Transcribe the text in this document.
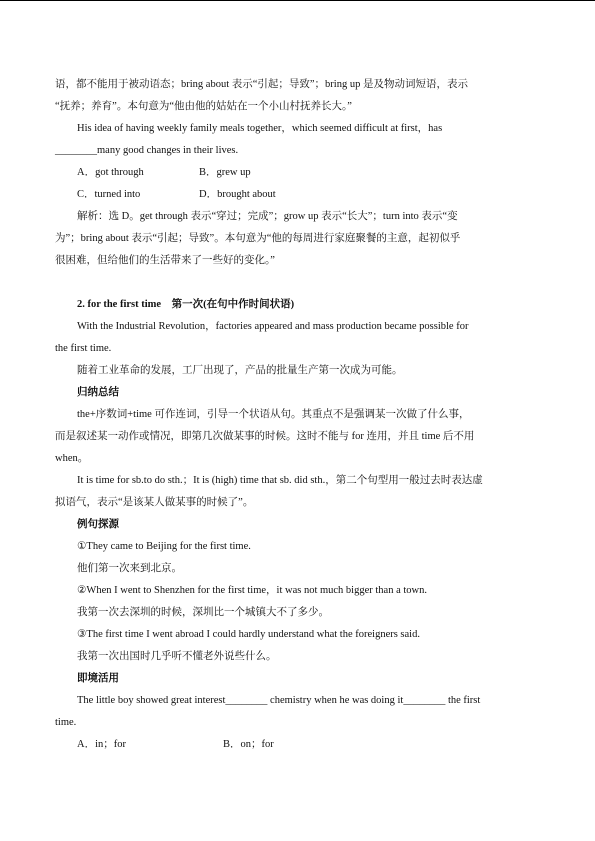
语，都不能用于被动语态；bring about 表示“引起；导致”；bring up 是及物动词短语，表示

“抚养；养育”。本句意为“他由他的姑姑在一个小山村抚养长大。”

His idea of having weekly family meals together，which seemed difficult at first，has

________many good changes in their lives.

A．got through	B．grew up
C．turned into	D．brought about

解析：选 D。get through 表示“穿过；完成”；grow up 表示“长大”；turn into 表示“变

为”；bring about 表示“引起；导致”。本句意为“他的每周进行家庭聚餐的主意，起初似乎

很困难，但给他们的生活带来了一些好的变化。”

2. for the first time　第一次(在句中作时间状语)

With the Industrial Revolution，factories appeared and mass production became possible for

the first time.

随着工业革命的发展，工厂出现了，产品的批量生产第一次成为可能。

归纳总结

the+序数词+time 可作连词，引导一个状语从句。其重点不是强调某一次做了什么事，

而是叙述某一动作或情况，即第几次做某事的时候。这时不能与 for 连用，并且 time 后不用

when。

It is time for sb.to do sth.；It is (high) time that sb. did sth.，第二个句型用一般过去时表达虚

拟语气，表示“是该某人做某事的时候了”。

例句探源

①They came to Beijing for the first time.

他们第一次来到北京。

②When I went to Shenzhen for the first time，it was not much bigger than a town.

我第一次去深圳的时候，深圳比一个城镇大不了多少。

③The first time I went abroad I could hardly understand what the foreigners said.

我第一次出国时几乎听不懂老外说些什么。

即境活用

The little boy showed great interest________ chemistry when he was doing it________ the first

time.

A．in；for	B．on；for
